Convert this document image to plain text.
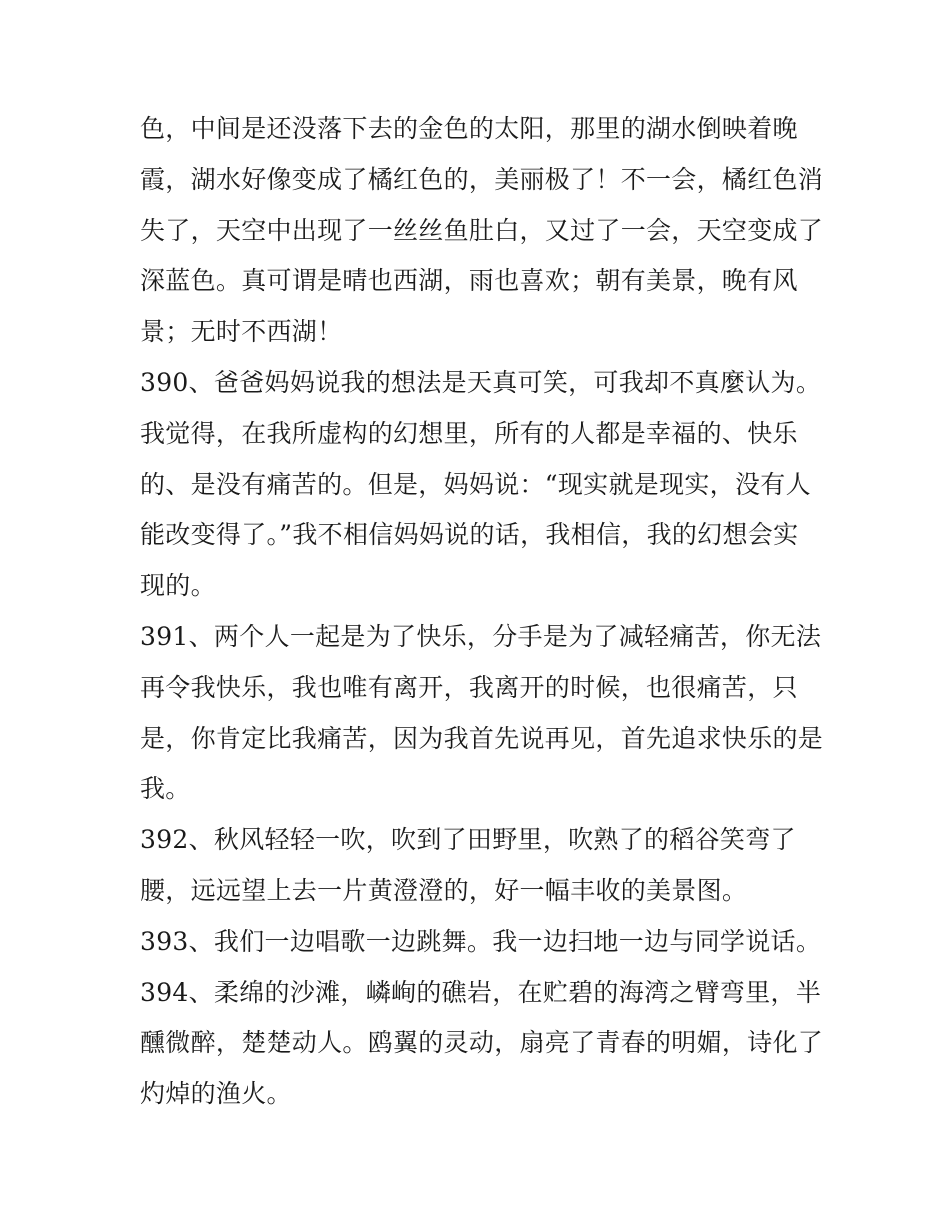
色，中间是还没落下去的金色的太阳，那里的湖水倒映着晚
霞，湖水好像变成了橘红色的，美丽极了！不一会，橘红色消
失了，天空中出现了一丝丝鱼肚白，又过了一会，天空变成了
深蓝色。真可谓是晴也西湖，雨也喜欢；朝有美景，晚有风
景；无时不西湖！
390、爸爸妈妈说我的想法是天真可笑，可我却不真麼认为。
我觉得，在我所虚构的幻想里，所有的人都是幸福的、快乐
的、是没有痛苦的。但是，妈妈说：“现实就是现实，没有人
能改变得了。”我不相信妈妈说的话，我相信，我的幻想会实
现的。
391、两个人一起是为了快乐，分手是为了减轻痛苦，你无法
再令我快乐，我也唯有离开，我离开的时候，也很痛苦，只
是，你肯定比我痛苦，因为我首先说再见，首先追求快乐的是
我。
392、秋风轻轻一吹，吹到了田野里，吹熟了的稻谷笑弯了
腰，远远望上去一片黄澄澄的，好一幅丰收的美景图。
393、我们一边唱歌一边跳舞。我一边扫地一边与同学说话。
394、柔绵的沙滩，嶙峋的礁岩，在贮碧的海湾之臂弯里，半
醺微醉，楚楚动人。鸥翼的灵动，扇亮了青春的明媚，诗化了
灼焯的渔火。
